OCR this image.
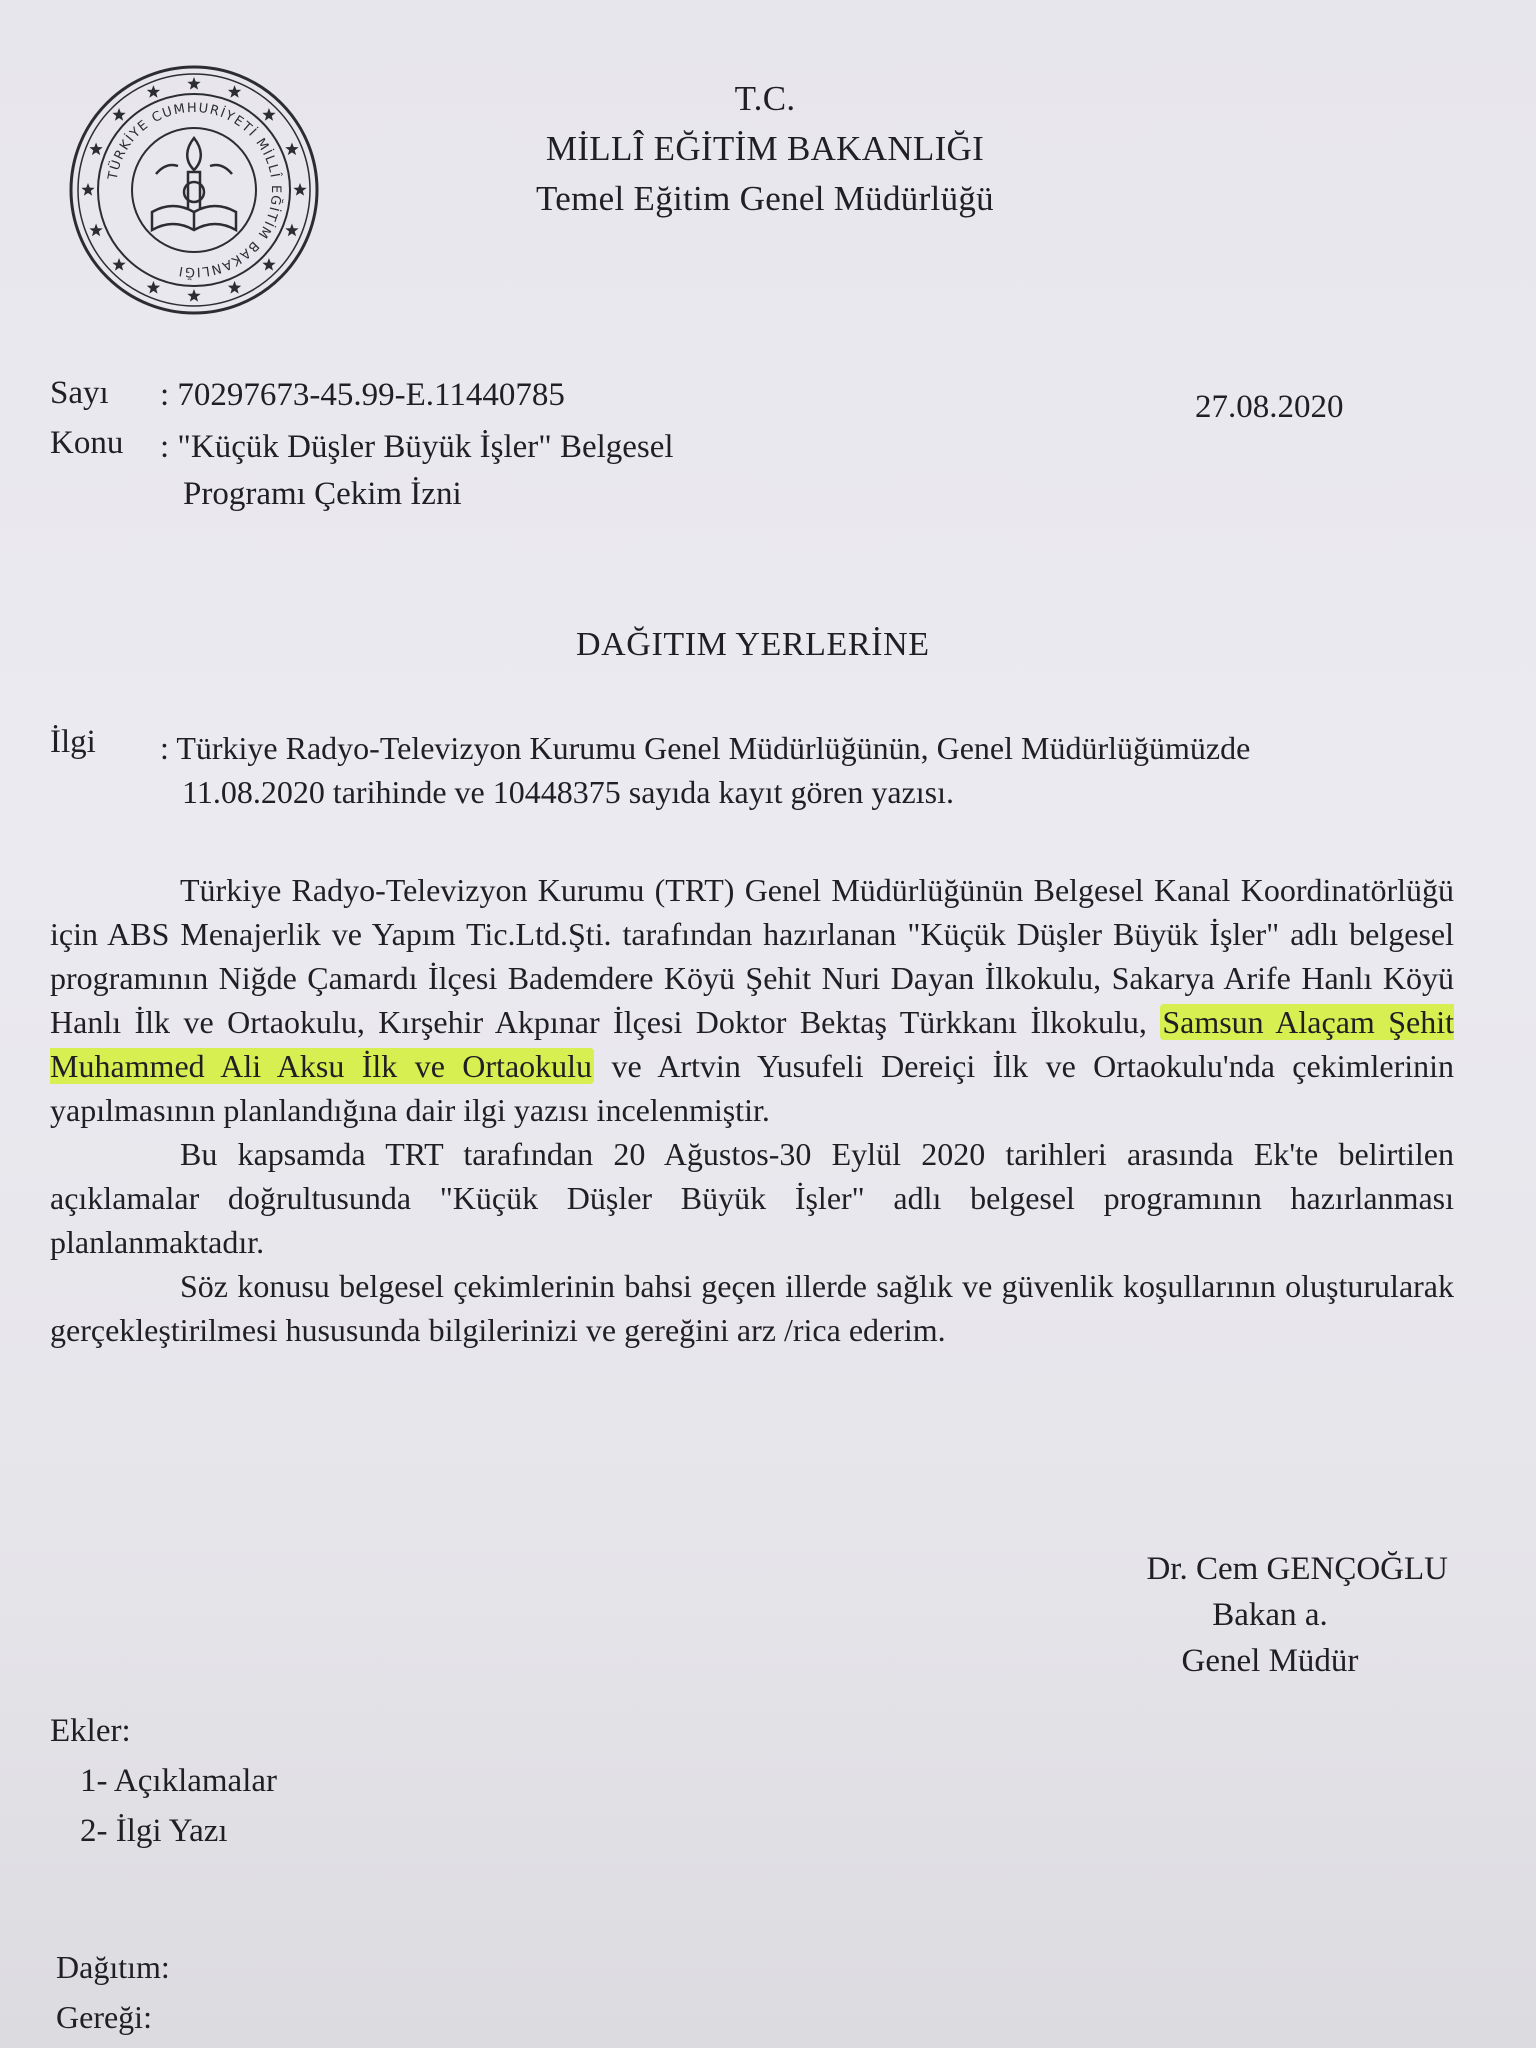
TÜRKİYE CUMHURİYETİ MİLLÎ EĞİTİM BAKANLIĞI
T.C.
MİLLÎ EĞİTİM BAKANLIĞI
Temel Eğitim Genel Müdürlüğü
Sayı : 70297673-45.99-E.11440785
Konu : "Küçük Düşler Büyük İşler" Belgesel
Programı Çekim İzni
27.08.2020
DAĞITIM YERLERİNE
İlgi : Türkiye Radyo-Televizyon Kurumu Genel Müdürlüğünün, Genel Müdürlüğümüzde
11.08.2020 tarihinde ve 10448375 sayıda kayıt gören yazısı.

Türkiye Radyo-Televizyon Kurumu (TRT) Genel Müdürlüğünün Belgesel Kanal Koordinatörlüğü için ABS Menajerlik ve Yapım Tic.Ltd.Şti. tarafından hazırlanan "Küçük Düşler Büyük İşler" adlı belgesel programının Niğde Çamardı İlçesi Bademdere Köyü Şehit Nuri Dayan İlkokulu, Sakarya Arife Hanlı Köyü Hanlı İlk ve Ortaokulu, Kırşehir Akpınar İlçesi Doktor Bektaş Türkkanı İlkokulu, Samsun Alaçam Şehit Muhammed Ali Aksu İlk ve Ortaokulu ve Artvin Yusufeli Dereiçi İlk ve Ortaokulu'nda çekimlerinin yapılmasının planlandığına dair ilgi yazısı incelenmiştir.

Bu kapsamda TRT tarafından 20 Ağustos-30 Eylül 2020 tarihleri arasında Ek'te belirtilen açıklamalar doğrultusunda "Küçük Düşler Büyük İşler" adlı belgesel programının hazırlanması planlanmaktadır.

Söz konusu belgesel çekimlerinin bahsi geçen illerde sağlık ve güvenlik koşullarının oluşturularak gerçekleştirilmesi hususunda bilgilerinizi ve gereğini arz /rica ederim.

Dr. Cem GENÇOĞLU
Bakan a.
Genel Müdür
Ekler:
1- Açıklamalar
2- İlgi Yazı
Dağıtım:
Gereği:
